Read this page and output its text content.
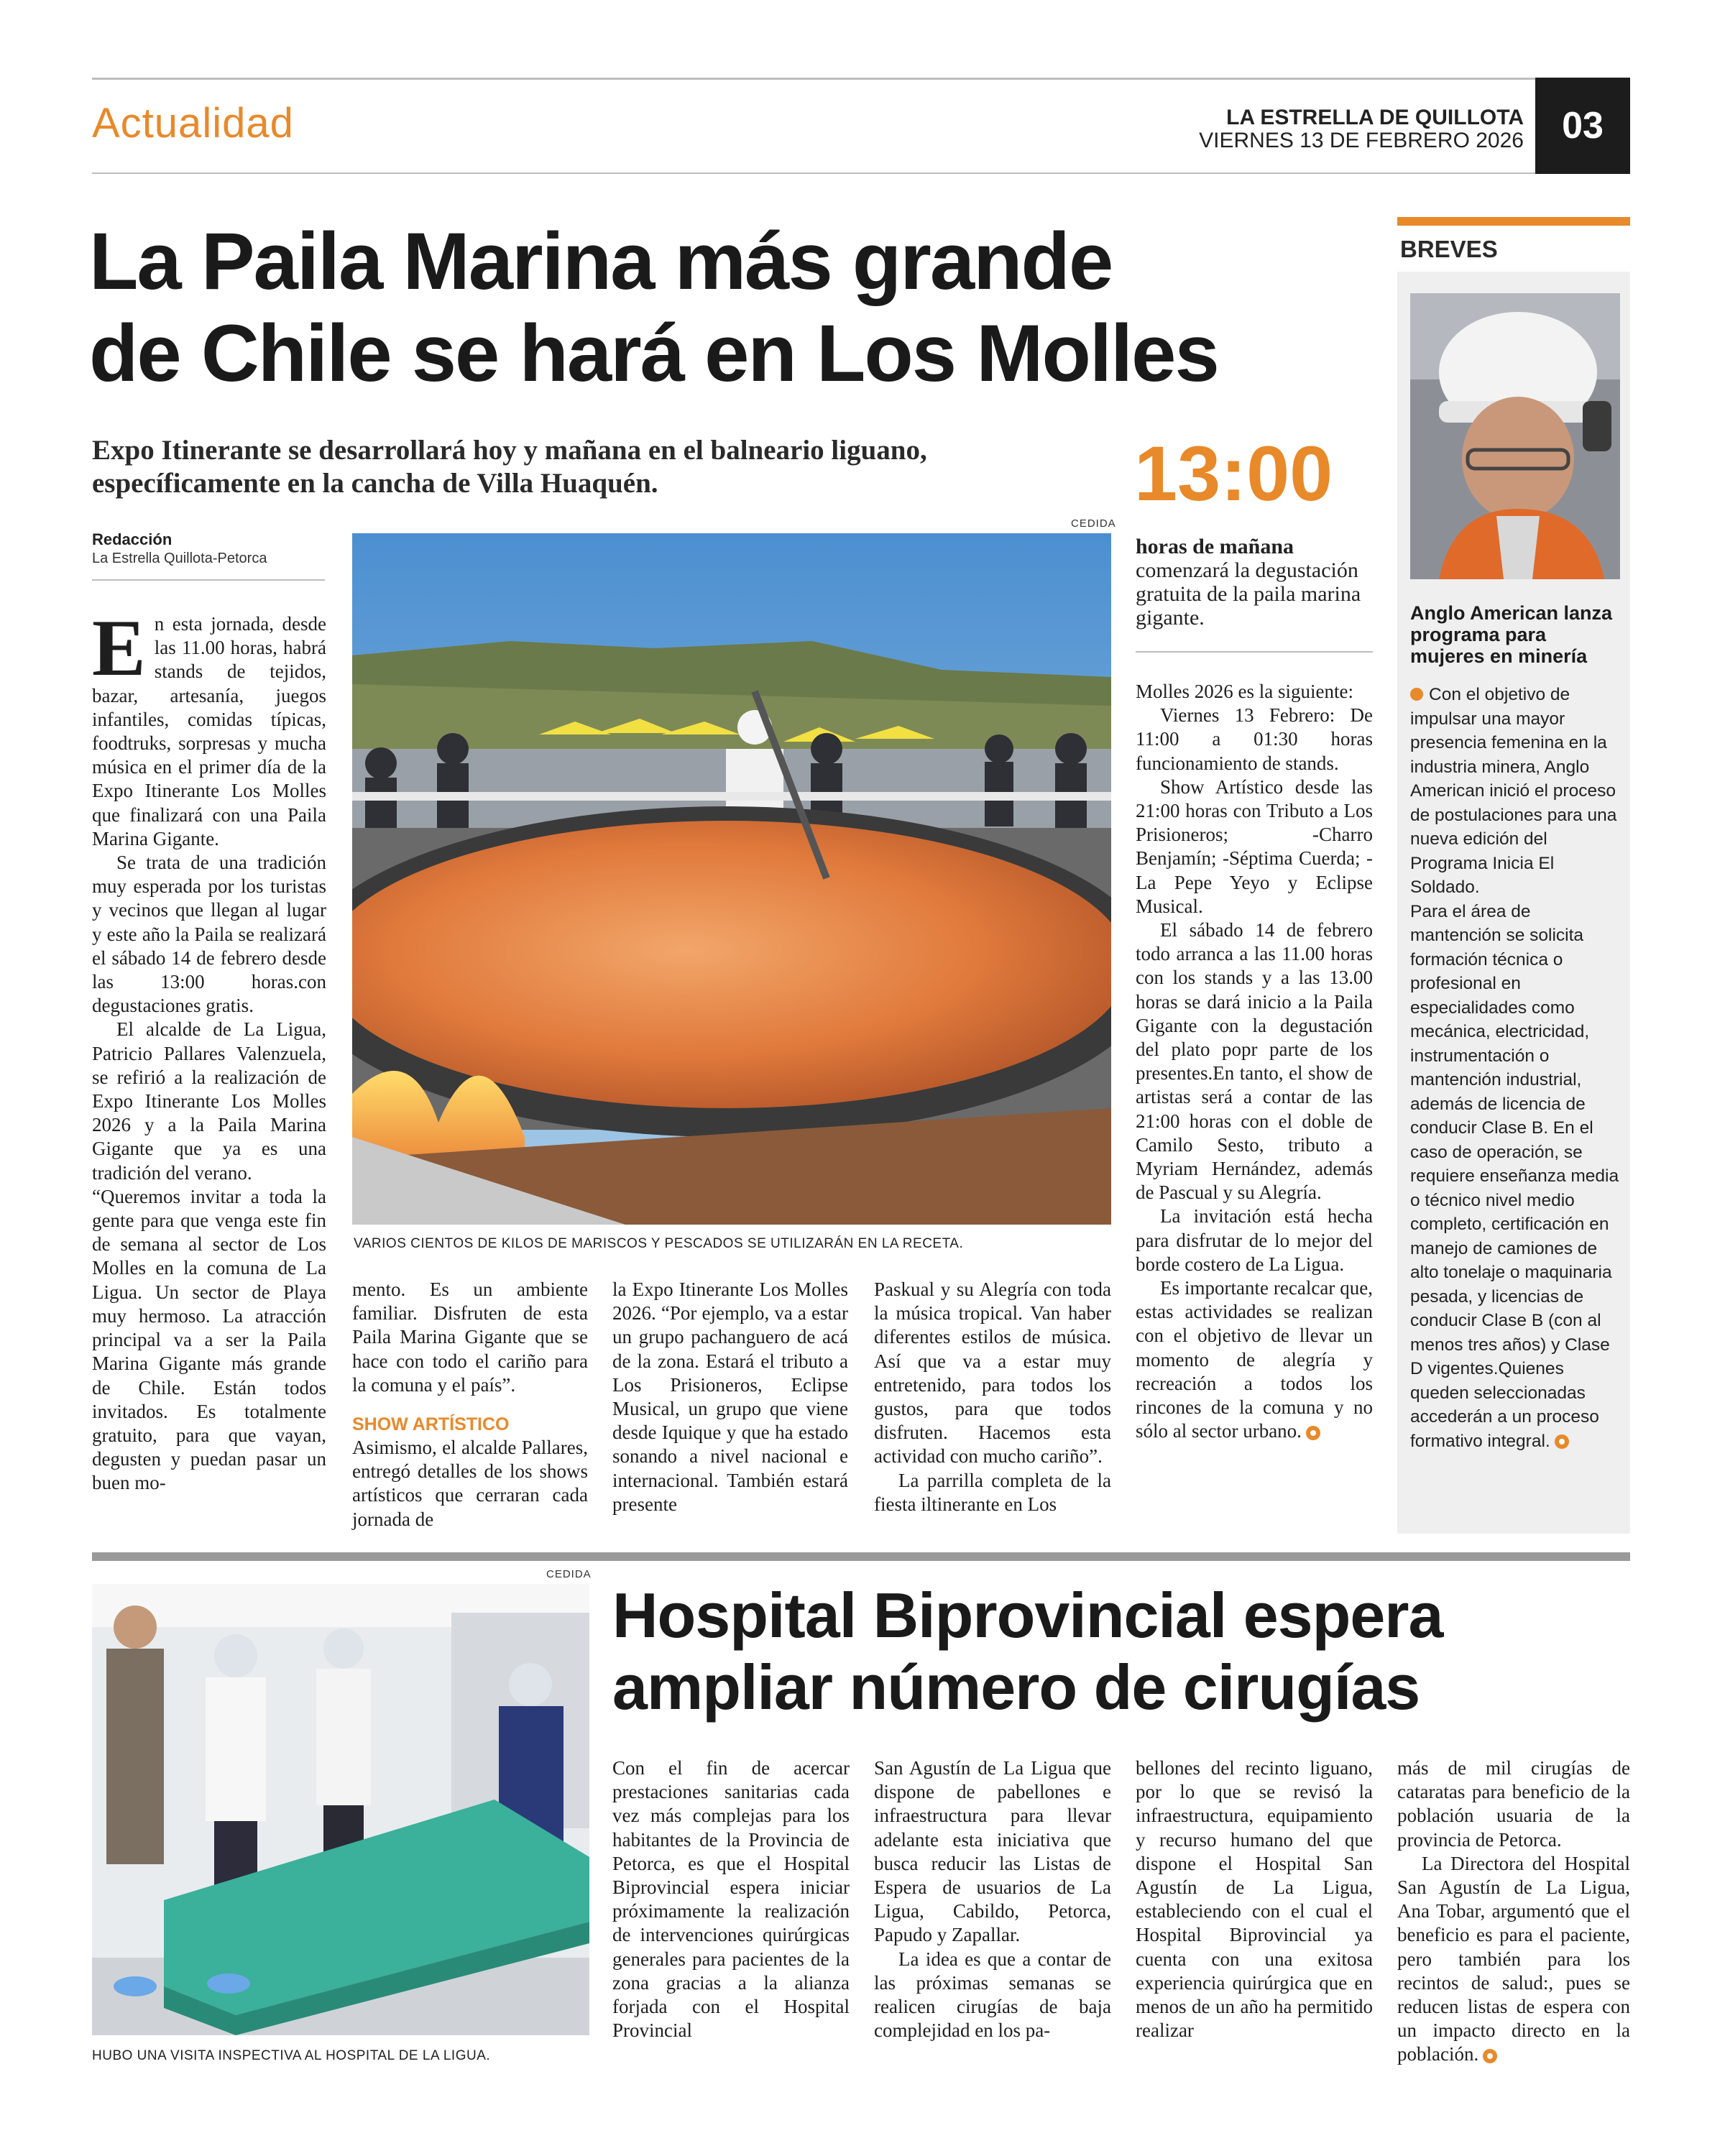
Actualidad	LA ESTRELLA DE QUILLOTA
VIERNES 13 DE FEBRERO 2026	03
La Paila Marina más grande
de Chile se hará en Los Molles
Expo Itinerante se desarrollará hoy y mañana en el balneario liguano,
específicamente en la cancha de Villa Huaquén.	13:00
horas de mañana comenzará la degustación gratuita de la paila marina gigante.
Redacción
La Estrella Quillota-Petorca
CEDIDA
VARIOS CIENTOS DE KILOS DE MARISCOS Y PESCADOS SE UTILIZARÁN EN LA RECETA.

En esta jornada, desde las 11.00 horas, habrá stands de tejidos, bazar, artesanía, juegos infantiles, comidas típicas, foodtruks, sorpresas y mucha música en el primer día de la Expo Itinerante Los Molles que finalizará con una Paila Marina Gigante.

Se trata de una tradición muy esperada por los turistas y vecinos que llegan al lugar y este año la Paila se realizará el sábado 14 de febrero desde las 13:00 horas.con degustaciones gratis.

El alcalde de La Ligua, Patricio Pallares Valenzuela, se refirió a la realización de Expo Itinerante Los Molles 2026 y a la Paila Marina Gigante que ya es una tradición del verano.

“Queremos invitar a toda la gente para que venga este fin de semana al sector de Los Molles en la comuna de La Ligua. Un sector de Playa muy hermoso. La atracción principal va a ser la Paila Marina Gigante más grande de Chile. Están todos invitados. Es totalmente gratuito, para que vayan, degusten y puedan pasar un buen mo-

mento. Es un ambiente familiar. Disfruten de esta Paila Marina Gigante que se hace con todo el cariño para la comuna y el país”.

SHOW ARTÍSTICO

Asimismo, el alcalde Pallares, entregó detalles de los shows artísticos que cerraran cada jornada de

la Expo Itinerante Los Molles 2026. “Por ejemplo, va a estar un grupo pachanguero de acá de la zona. Estará el tributo a Los Prisioneros, Eclipse Musical, un grupo que viene desde Iquique y que ha estado sonando a nivel nacional e internacional. También estará presente

Paskual y su Alegría con toda la música tropical. Van haber diferentes estilos de música. Así que va a estar muy entretenido, para todos los gustos, para que todos disfruten. Hacemos esta actividad con mucho cariño”.

La parrilla completa de la fiesta iltinerante en Los

Molles 2026 es la siguiente:

Viernes 13 Febrero: De 11:00 a 01:30 horas funcionamiento de stands.

Show Artístico desde las 21:00 horas con Tributo a Los Prisioneros; -Charro Benjamín; -Séptima Cuerda; -La Pepe Yeyo y Eclipse Musical.

El sábado 14 de febrero todo arranca a las 11.00 horas con los stands y a las 13.00 horas se dará inicio a la Paila Gigante con la degustación del plato popr parte de los presentes.En tanto, el show de artistas será a contar de las 21:00 horas con el doble de Camilo Sesto, tributo a Myriam Hernández, además de Pascual y su Alegría.

La invitación está hecha para disfrutar de lo mejor del borde costero de La Ligua.

Es importante recalcar que, estas actividades se realizan con el objetivo de llevar un momento de alegría y recreación a todos los rincones de la comuna y no sólo al sector urbano.

BREVES
Anglo American lanza programa para mujeres en minería
Con el objetivo de impulsar una mayor presencia femenina en la industria minera, Anglo American inició el proceso de postulaciones para una nueva edición del Programa Inicia El Soldado.
Para el área de mantención se solicita formación técnica o profesional en especialidades como mecánica, electricidad, instrumentación o mantención industrial, además de licencia de conducir Clase B. En el caso de operación, se requiere enseñanza media o técnico nivel medio completo, certificación en manejo de camiones de alto tonelaje o maquinaria pesada, y licencias de conducir Clase B (con al menos tres años) y Clase D vigentes.Quienes queden seleccionadas accederán a un proceso formativo integral.
CEDIDA
HUBO UNA VISITA INSPECTIVA AL HOSPITAL DE LA LIGUA.
Hospital Biprovincial espera
ampliar número de cirugías

Con el fin de acercar prestaciones sanitarias cada vez más complejas para los habitantes de la Provincia de Petorca, es que el Hospital Biprovincial espera iniciar próximamente la realización de intervenciones quirúrgicas generales para pacientes de la zona gracias a la alianza forjada con el Hospital Provincial

San Agustín de La Ligua que dispone de pabellones e infraestructura para llevar adelante esta iniciativa que busca reducir las Listas de Espera de usuarios de La Ligua, Cabildo, Petorca, Papudo y Zapallar.

La idea es que a contar de las próximas semanas se realicen cirugías de baja complejidad en los pa-

bellones del recinto liguano, por lo que se revisó la infraestructura, equipamiento y recurso humano del que dispone el Hospital San Agustín de La Ligua, estableciendo con el cual el Hospital Biprovincial ya cuenta con una exitosa experiencia quirúrgica que en menos de un año ha permitido realizar

más de mil cirugías de cataratas para beneficio de la población usuaria de la provincia de Petorca.

La Directora del Hospital San Agustín de La Ligua, Ana Tobar, argumentó que el beneficio es para el paciente, pero también para los recintos de salud:, pues se reducen listas de espera con un impacto directo en la población.
